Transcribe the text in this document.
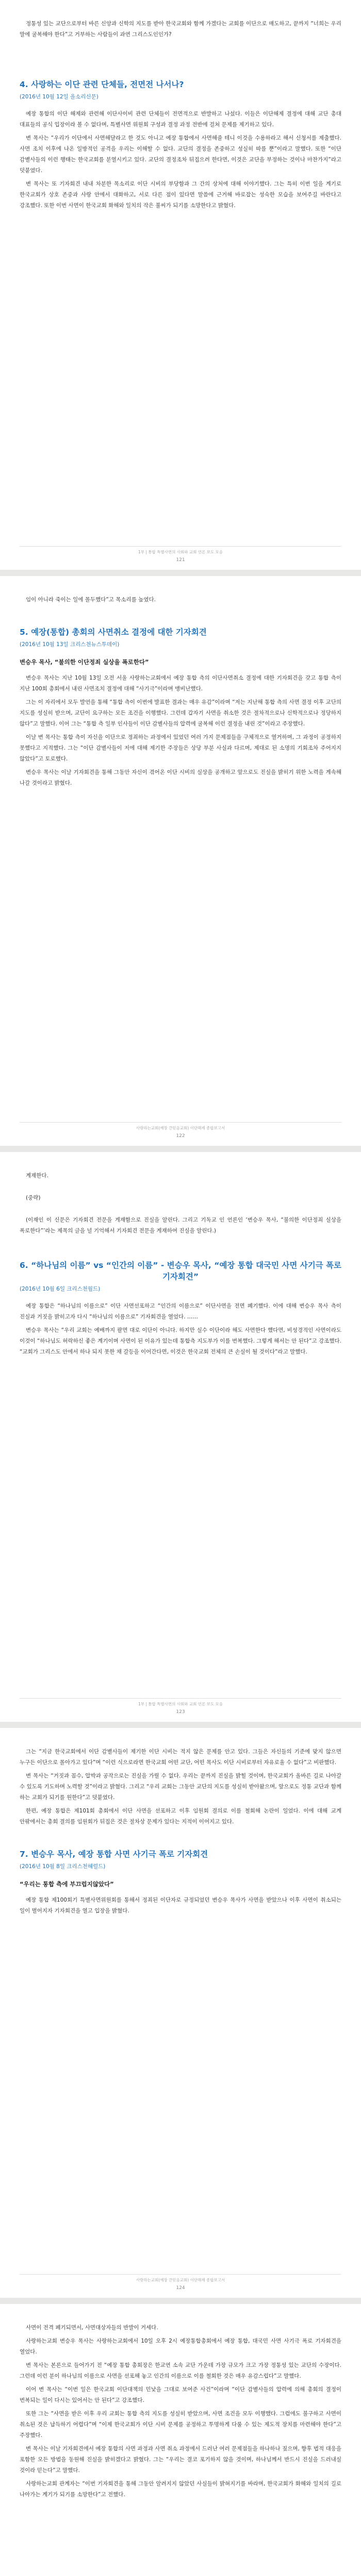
정통성 있는 교단으로부터 바른 신앙과 신학의 지도를 받아 한국교회와 함께 가겠다는 교회를 이단으로 매도하고, 끝까지 “너희는 우리 말에 굴복해야 한다”고 거부하는 사람들이 과연 그리스도인인가?

4. 사랑하는 이단 관련 단체들, 전면전 나서나?
(2016년 10월 12일 올소리신문)

예장 통합의 이단 해제와 관련해 이단사이비 관련 단체들이 전면적으로 반발하고 나섰다. 이들은 이단해제 결정에 대해 교단 총대 대표들의 공식 입장이라 볼 수 없다며, 특별사면 위원회 구성과 결정 과정 전반에 걸쳐 문제를 제기하고 있다.

변 목사는 “우리가 이단에서 사면해달라고 한 것도 아니고 예장 통합에서 사면해줄 테니 이것을 수용하라고 해서 신청서를 제출했다. 사면 조치 이후에 나온 일방적인 공격을 우리는 이해할 수 없다. 교단의 결정을 존중하고 성실히 따를 뿐”이라고 말했다. 또한 “이단 감별사들의 이런 행태는 한국교회를 분열시키고 있다. 교단의 결정조차 뒤집으려 한다면, 이것은 교단을 부정하는 것이나 마찬가지”라고 덧붙였다.

변 목사는 또 기자회견 내내 차분한 목소리로 이단 시비의 부당함과 그 간의 상처에 대해 이야기했다. 그는 특히 이번 일을 계기로 한국교회가 상호 존중과 사랑 안에서 대화하고, 서로 다른 점이 있다면 말씀에 근거해 바로잡는 성숙한 모습을 보여주길 바란다고 강조했다. 또한 이번 사면이 한국교회 화해와 일치의 작은 불씨가 되기를 소망한다고 밝혔다.

1부 | 통합 특별사면의 사회와 교회 언론 보도 모음
121

임이 아니라 죽이는 일에 몰두했다”고 목소리를 높였다.

5. 예장(통합) 총회의 사면취소 결정에 대한 기자회견
(2016년 10월 13일 크리스천뉴스투데이)
변승우 목사, “불의한 이단정죄 실상을 폭로한다”

변승우 목사는 지난 10월 13일 오전 서울 사랑하는교회에서 예장 통합 측의 이단사면취소 결정에 대한 기자회견을 갖고 통합 측이 지난 100회 총회에서 내린 사면조치 결정에 대해 “사기극”이라며 맹비난했다.

그는 이 자리에서 모두 발언을 통해 “통합 측이 이번에 발표한 결과는 매우 유감”이라며 “저는 지난해 통합 측의 사면 결정 이후 교단의 지도를 성실히 받으며, 교단이 요구하는 모든 조건을 이행했다. 그런데 갑자기 사면을 취소한 것은 절차적으로나 신학적으로나 정당하지 않다”고 말했다. 이어 그는 “통합 측 일부 인사들이 이단 감별사들의 압력에 굴복해 이런 결정을 내린 것”이라고 주장했다.

이날 변 목사는 통합 측이 자신을 이단으로 정죄하는 과정에서 있었던 여러 가지 문제점들을 구체적으로 열거하며, 그 과정이 공정하지 못했다고 지적했다. 그는 “이단 감별사들이 저에 대해 제기한 주장들은 상당 부분 사실과 다르며, 제대로 된 소명의 기회조차 주어지지 않았다”고 토로했다.

변승우 목사는 이날 기자회견을 통해 그동안 자신이 겪어온 이단 시비의 실상을 공개하고 앞으로도 진실을 밝히기 위한 노력을 계속해 나갈 것이라고 밝혔다.

사랑하는교회(예장 큰믿음교회) 이단해제 종합보고서
122

계재한다.

(중략)

(이재인 이 신문은 기자회견 전문을 게재함으로 진실을 알린다. 그리고 기독교 인 언론인 ‘변승우 목사, “불의한 이단정죄 실상을 폭로한다”’라는 제목의 글을 널 기억해서 기자회견 전문을 게재하여 진실을 알린다.)

6. “하나님의 이름” vs “인간의 이름” - 변승우 목사, “예장 통합 대국민 사면 사기극 폭로 기자회견”
(2016년 10월 6일 크리스천월드)

예장 통합은 “하나님의 이름으로” 이단 사면선포하고 “인간의 이름으로” 이단사면을 전면 폐기했다. 이에 대해 변승우 목사 측이 진실과 거짓을 밝히고자 다시 “하나님의 이름으로” 기자회견을 열었다. ……

변승우 목사는 “우리 교회는 예배까지 팔면 대로 이단이 아니다. 하지만 실수 이단이라 해도 사면한다 했다면, 비성경적인 사면이라도 이것이 “하나님도 허락하신 좋은 계기이며 사면이 된 이유가 있는데 통합측 지도부가 이를 번복했다. 그렇게 해서는 안 된다”고 강조했다. “교회가 그리스도 안에서 하나 되지 못한 채 갈등을 이어간다면, 이것은 한국교회 전체의 큰 손실이 될 것이다”라고 말했다.

1부 | 통합 특별사면의 사회와 교회 언론 보도 모음
123

그는 “지금 한국교회에서 이단 감별사들이 제기한 이단 시비는 적지 않은 문제를 안고 있다. 그들은 자신들의 기준에 맞지 않으면 누구든 이단으로 몰아가고 있다”며 “이런 식으로라면 한국교회 어떤 교단, 어떤 목사도 이단 시비로부터 자유로울 수 없다”고 비판했다.

변 목사는 “거짓과 꼼수, 압박과 공작으로는 진실을 가릴 수 없다. 우리는 끝까지 진실을 밝힐 것이며, 한국교회가 올바른 길로 나아갈 수 있도록 기도하며 노력할 것”이라고 밝혔다. 그리고 “우리 교회는 그동안 교단의 지도를 성실히 받아왔으며, 앞으로도 정통 교단과 함께 하는 교회가 되기를 원한다”고 덧붙였다.

한편, 예장 통합은 제101회 총회에서 이단 사면을 선포하고 이후 임원회 결의로 이를 철회해 논란이 일었다. 이에 대해 교계 안팎에서는 총회 결의를 임원회가 뒤집은 것은 절차상 문제가 있다는 지적이 이어지고 있다.

7. 변승우 목사, 예장 통합 사면 사기극 폭로 기자회견
(2016년 10월 8일 크리스천해럴드)
“우리는 통합 측에 부끄럽지않았다”

예장 통합 제100회기 특별사면위원회를 통해서 정죄된 이단자로 규정되었던 변승우 목사가 사면을 받았으나 이후 사면이 취소되는 일이 벌어지자 기자회견을 열고 입장을 밝혔다.

사랑하는교회(예장 큰믿음교회) 이단해제 종합보고서
124

사면이 전격 폐기되면서, 사면대상자들의 반발이 거세다.

사랑하는교회 변승우 목사는 사랑하는교회에서 10일 오후 2시 예장통합총회에서 예장 통합, 대국민 사면 사기극 폭로 기자회견을 열었다.

변 목사는 본론으로 들어가기 전 “예장 통합 총회장은 한교연 소속 교단 가운데 가장 규모가 크고 가장 정통성 있는 교단의 수장이다. 그런데 이런 분이 하나님의 이름으로 사면을 선포해 놓고 인간의 이름으로 이를 철회한 것은 매우 유감스럽다”고 말했다.

이어 변 목사는 “이번 일은 한국교회 이단대책의 민낯을 그대로 보여준 사건”이라며 “이단 감별사들의 압력에 의해 총회의 결정이 번복되는 일이 다시는 있어서는 안 된다”고 강조했다.

또한 그는 “사면을 받은 이후 우리 교회는 통합 측의 지도를 성실히 받았으며, 사면 조건을 모두 이행했다. 그럼에도 불구하고 사면이 취소된 것은 납득하기 어렵다”며 “이제 한국교회가 이단 시비 문제를 공정하고 투명하게 다룰 수 있는 제도적 장치를 마련해야 한다”고 주장했다.

변 목사는 이날 기자회견에서 예장 통합의 사면 과정과 사면 취소 과정에서 드러난 여러 문제점들을 하나하나 짚으며, 향후 법적 대응을 포함한 모든 방법을 동원해 진실을 밝히겠다고 밝혔다. 그는 “우리는 결코 포기하지 않을 것이며, 하나님께서 반드시 진실을 드러내실 것이라 믿는다”고 말했다.

사랑하는교회 관계자는 “이번 기자회견을 통해 그동안 알려지지 않았던 사실들이 밝혀지기를 바라며, 한국교회가 화해와 일치의 길로 나아가는 계기가 되기를 소망한다”고 전했다.
